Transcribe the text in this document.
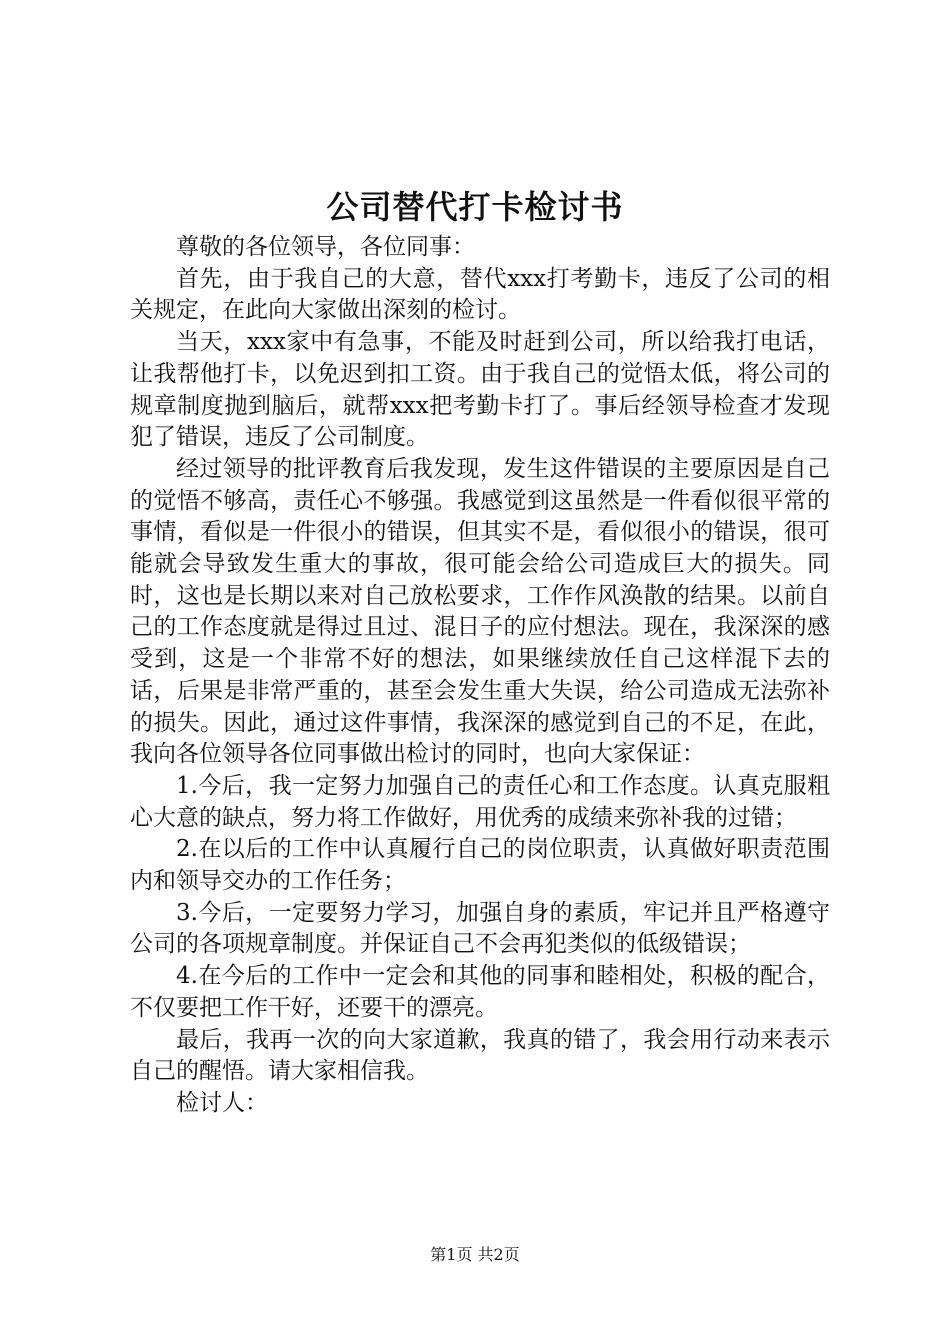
公司替代打卡检讨书

尊敬的各位领导，各位同事：

首先，由于我自己的大意，替代xxx打考勤卡，违反了公司的相关规定，在此向大家做出深刻的检讨。

当天，xxx家中有急事，不能及时赶到公司，所以给我打电话，让我帮他打卡，以免迟到扣工资。由于我自己的觉悟太低，将公司的规章制度抛到脑后，就帮xxx把考勤卡打了。事后经领导检查才发现犯了错误，违反了公司制度。

经过领导的批评教育后我发现，发生这件错误的主要原因是自己的觉悟不够高，责任心不够强。我感觉到这虽然是一件看似很平常的事情，看似是一件很小的错误，但其实不是，看似很小的错误，很可能就会导致发生重大的事故，很可能会给公司造成巨大的损失。同时，这也是长期以来对自己放松要求，工作作风涣散的结果。以前自己的工作态度就是得过且过、混日子的应付想法。现在，我深深的感受到，这是一个非常不好的想法，如果继续放任自己这样混下去的话，后果是非常严重的，甚至会发生重大失误，给公司造成无法弥补的损失。因此，通过这件事情，我深深的感觉到自己的不足，在此，我向各位领导各位同事做出检讨的同时，也向大家保证：

1.今后，我一定努力加强自己的责任心和工作态度。认真克服粗心大意的缺点，努力将工作做好，用优秀的成绩来弥补我的过错；

2.在以后的工作中认真履行自己的岗位职责，认真做好职责范围内和领导交办的工作任务；

3.今后，一定要努力学习，加强自身的素质，牢记并且严格遵守公司的各项规章制度。并保证自己不会再犯类似的低级错误；

4.在今后的工作中一定会和其他的同事和睦相处，积极的配合，不仅要把工作干好，还要干的漂亮。

最后，我再一次的向大家道歉，我真的错了，我会用行动来表示自己的醒悟。请大家相信我。

检讨人：

第1页 共2页
